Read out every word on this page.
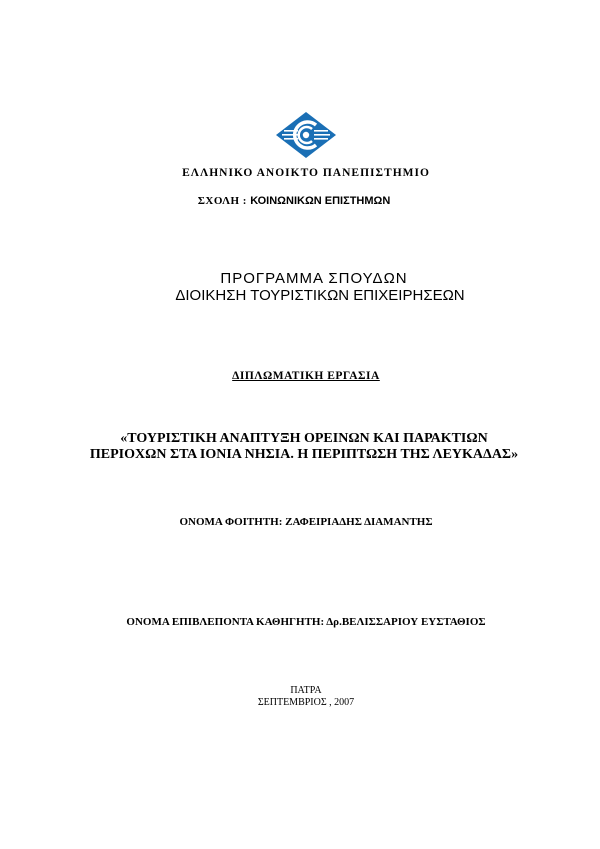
ΕΛΛΗΝΙΚΟ ΑΝΟΙΚΤΟ ΠΑΝΕΠΙΣΤΗΜΙΟ
ΣΧΟΛΗ : ΚΟΙΝΩΝΙΚΩΝ ΕΠΙΣΤΗΜΩΝ
ΠΡΟΓΡΑΜΜΑ ΣΠΟΥΔΩΝ
ΔΙΟΙΚΗΣΗ ΤΟΥΡΙΣΤΙΚΩΝ ΕΠΙΧΕΙΡΗΣΕΩΝ
ΔΙΠΛΩΜΑΤΙΚΗ ΕΡΓΑΣΙΑ
«ΤΟΥΡΙΣΤΙΚΗ ΑΝΑΠΤΥΞΗ ΟΡΕΙΝΩΝ ΚΑΙ ΠΑΡΑΚΤΙΩΝ
ΠΕΡΙΟΧΩΝ ΣΤΑ ΙΟΝΙΑ ΝΗΣΙΑ. Η ΠΕΡΙΠΤΩΣΗ ΤΗΣ ΛΕΥΚΑΔΑΣ»
ΟΝΟΜΑ ΦΟΙΤΗΤΗ: ΖΑΦΕΙΡΙΑΔΗΣ ΔΙΑΜΑΝΤΗΣ
ΟΝΟΜΑ ΕΠΙΒΛΕΠΟΝΤΑ ΚΑΘΗΓΗΤΗ: Δρ.ΒΕΛΙΣΣΑΡΙΟΥ ΕΥΣΤΑΘΙΟΣ
ΠΑΤΡΑ
ΣΕΠΤΕΜΒΡΙΟΣ , 2007
